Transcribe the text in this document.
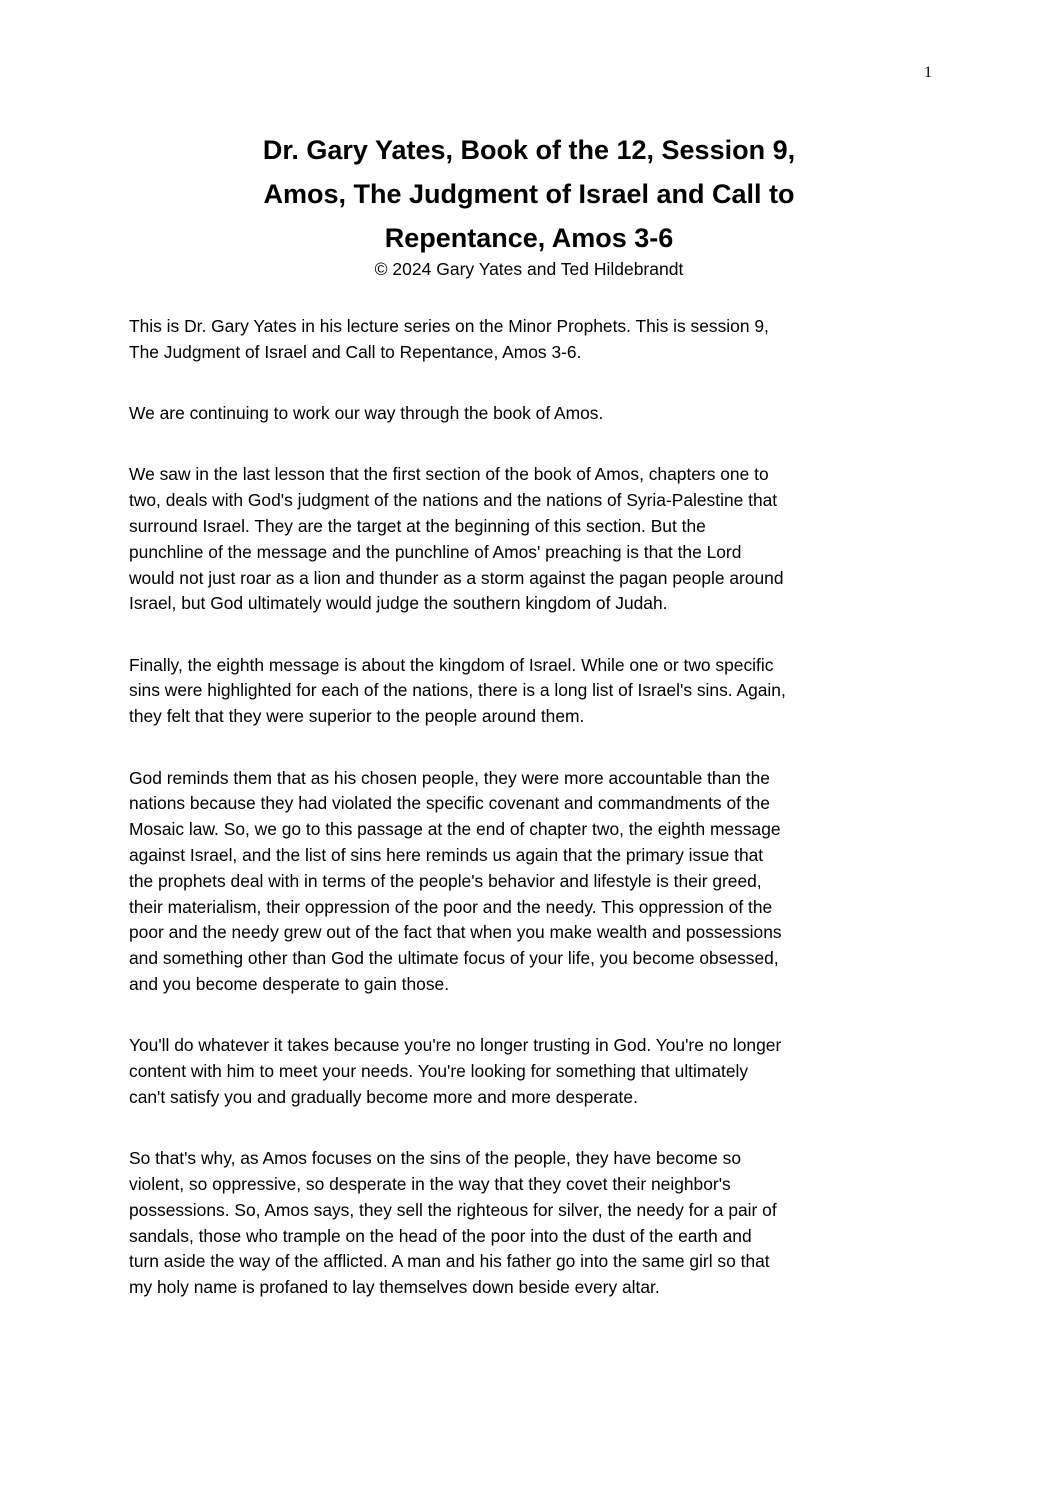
1
Dr. Gary Yates, Book of the 12, Session 9,
Amos, The Judgment of Israel and Call to
Repentance, Amos 3-6
© 2024 Gary Yates and Ted Hildebrandt

This is Dr. Gary Yates in his lecture series on the Minor Prophets. This is session 9,
The Judgment of Israel and Call to Repentance, Amos 3-6.

We are continuing to work our way through the book of Amos.

We saw in the last lesson that the first section of the book of Amos, chapters one to
two, deals with God's judgment of the nations and the nations of Syria-Palestine that
surround Israel. They are the target at the beginning of this section. But the
punchline of the message and the punchline of Amos' preaching is that the Lord
would not just roar as a lion and thunder as a storm against the pagan people around
Israel, but God ultimately would judge the southern kingdom of Judah.

Finally, the eighth message is about the kingdom of Israel. While one or two specific
sins were highlighted for each of the nations, there is a long list of Israel's sins. Again,
they felt that they were superior to the people around them.

God reminds them that as his chosen people, they were more accountable than the
nations because they had violated the specific covenant and commandments of the
Mosaic law. So, we go to this passage at the end of chapter two, the eighth message
against Israel, and the list of sins here reminds us again that the primary issue that
the prophets deal with in terms of the people's behavior and lifestyle is their greed,
their materialism, their oppression of the poor and the needy. This oppression of the
poor and the needy grew out of the fact that when you make wealth and possessions
and something other than God the ultimate focus of your life, you become obsessed,
and you become desperate to gain those.

You'll do whatever it takes because you're no longer trusting in God. You're no longer
content with him to meet your needs. You're looking for something that ultimately
can't satisfy you and gradually become more and more desperate.

So that's why, as Amos focuses on the sins of the people, they have become so
violent, so oppressive, so desperate in the way that they covet their neighbor's
possessions. So, Amos says, they sell the righteous for silver, the needy for a pair of
sandals, those who trample on the head of the poor into the dust of the earth and
turn aside the way of the afflicted. A man and his father go into the same girl so that
my holy name is profaned to lay themselves down beside every altar.
